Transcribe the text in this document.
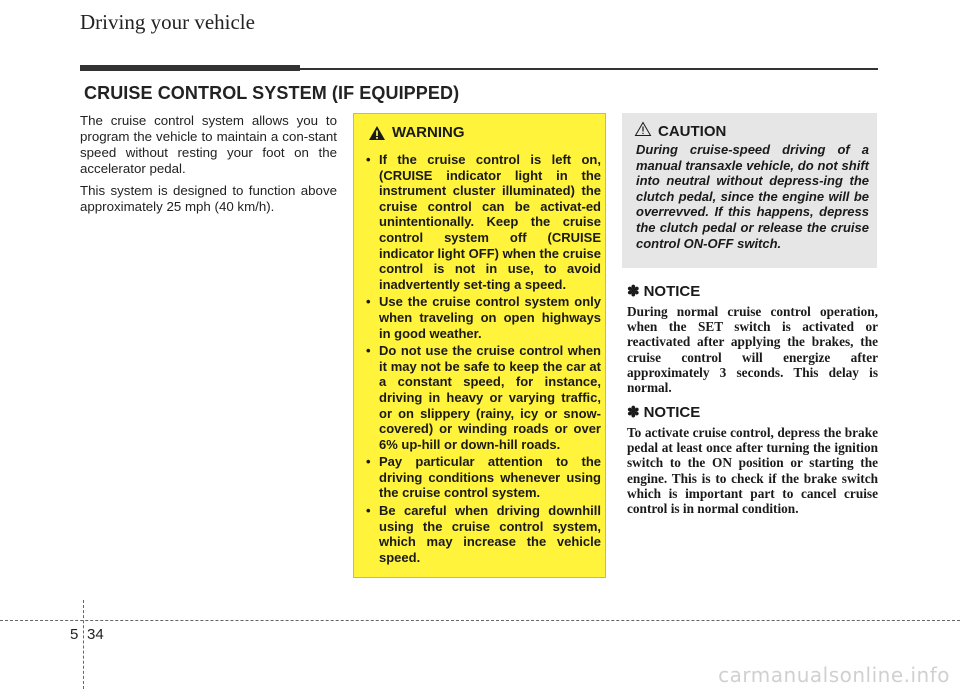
Driving your vehicle
CRUISE CONTROL SYSTEM (IF EQUIPPED)

The cruise control system allows you to program the vehicle to maintain a con-stant speed without resting your foot on the accelerator pedal.

This system is designed to function above approximately 25 mph (40 km/h).

WARNING
• If the cruise control is left on, (CRUISE indicator light in the instrument cluster illuminated) the cruise control can be activat-ed unintentionally. Keep the cruise control system off (CRUISE indicator light OFF) when the cruise control is not in use, to avoid inadvertently set-ting a speed.
• Use the cruise control system only when traveling on open highways in good weather.
• Do not use the cruise control when it may not be safe to keep the car at a constant speed, for instance, driving in heavy or varying traffic, or on slippery (rainy, icy or snow-covered) or winding roads or over 6% up-hill or down-hill roads.
• Pay particular attention to the driving conditions whenever using the cruise control system.
• Be careful when driving downhill using the cruise control system, which may increase the vehicle speed.
CAUTION

During cruise-speed driving of a manual transaxle vehicle, do not shift into neutral without depress-ing the clutch pedal, since the engine will be overrevved. If this happens, depress the clutch pedal or release the cruise control ON-OFF switch.

✽ NOTICE

During normal cruise control operation, when the SET switch is activated or reactivated after applying the brakes, the cruise control will energize after approximately 3 seconds. This delay is normal.

✽ NOTICE

To activate cruise control, depress the brake pedal at least once after turning the ignition switch to the ON position or starting the engine. This is to check if the brake switch which is important part to cancel cruise control is in normal condition.

5 34
carmanualsonline.info
